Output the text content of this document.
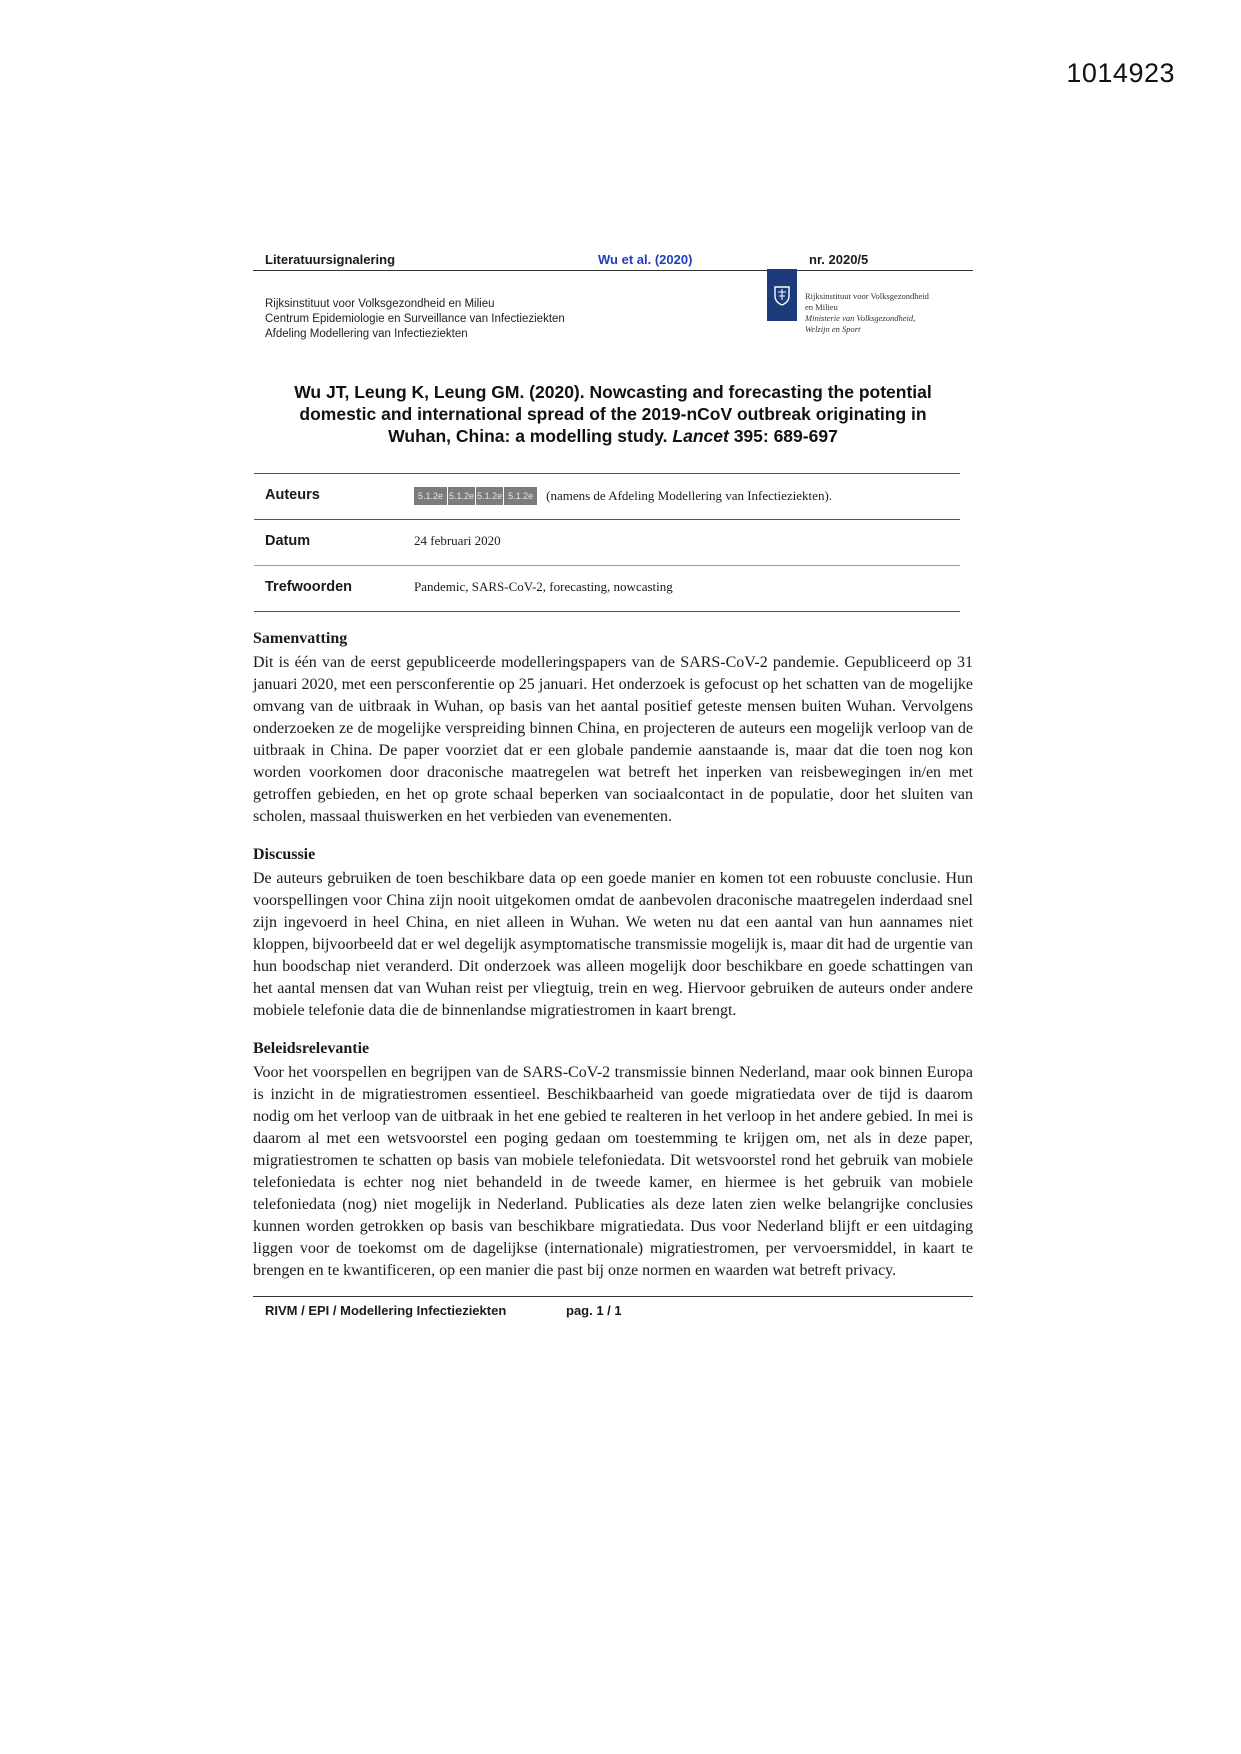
1014923
Literatuursignalering	Wu et al. (2020)	nr. 2020/5
Rijksinstituut voor Volksgezondheid en Milieu
Centrum Epidemiologie en Surveillance van Infectieziekten
Afdeling Modellering van Infectieziekten
Rijksinstituut voor Volksgezondheid
en Milieu
Ministerie van Volksgezondheid,
Welzijn en Sport
Wu JT, Leung K, Leung GM. (2020). Nowcasting and forecasting the potential domestic and international spread of the 2019-nCoV outbreak originating in Wuhan, China: a modelling study. Lancet 395: 689-697
Auteurs	5.1.2e 5.1.2e 5.1.2e 5.1.2e	(namens de Afdeling Modellering van Infectieziekten).
Datum	24 februari 2020
Trefwoorden	Pandemic, SARS-CoV-2, forecasting, nowcasting
Samenvatting
Dit is één van de eerst gepubliceerde modelleringspapers van de SARS-CoV-2 pandemie. Gepubliceerd op 31 januari 2020, met een persconferentie op 25 januari. Het onderzoek is gefocust op het schatten van de mogelijke omvang van de uitbraak in Wuhan, op basis van het aantal positief geteste mensen buiten Wuhan. Vervolgens onderzoeken ze de mogelijke verspreiding binnen China, en projecteren de auteurs een mogelijk verloop van de uitbraak in China. De paper voorziet dat er een globale pandemie aanstaande is, maar dat die toen nog kon worden voorkomen door draconische maatregelen wat betreft het inperken van reisbewegingen in/en met getroffen gebieden, en het op grote schaal beperken van sociaalcontact in de populatie, door het sluiten van scholen, massaal thuiswerken en het verbieden van evenementen.
Discussie
De auteurs gebruiken de toen beschikbare data op een goede manier en komen tot een robuuste conclusie. Hun voorspellingen voor China zijn nooit uitgekomen omdat de aanbevolen draconische maatregelen inderdaad snel zijn ingevoerd in heel China, en niet alleen in Wuhan. We weten nu dat een aantal van hun aannames niet kloppen, bijvoorbeeld dat er wel degelijk asymptomatische transmissie mogelijk is, maar dit had de urgentie van hun boodschap niet veranderd. Dit onderzoek was alleen mogelijk door beschikbare en goede schattingen van het aantal mensen dat van Wuhan reist per vliegtuig, trein en weg. Hiervoor gebruiken de auteurs onder andere mobiele telefonie data die de binnenlandse migratiestromen in kaart brengt.
Beleidsrelevantie
Voor het voorspellen en begrijpen van de SARS-CoV-2 transmissie binnen Nederland, maar ook binnen Europa is inzicht in de migratiestromen essentieel. Beschikbaarheid van goede migratiedata over de tijd is daarom nodig om het verloop van de uitbraak in het ene gebied te realteren in het verloop in het andere gebied. In mei is daarom al met een wetsvoorstel een poging gedaan om toestemming te krijgen om, net als in deze paper, migratiestromen te schatten op basis van mobiele telefoniedata. Dit wetsvoorstel rond het gebruik van mobiele telefoniedata is echter nog niet behandeld in de tweede kamer, en hiermee is het gebruik van mobiele telefoniedata (nog) niet mogelijk in Nederland. Publicaties als deze laten zien welke belangrijke conclusies kunnen worden getrokken op basis van beschikbare migratiedata. Dus voor Nederland blijft er een uitdaging liggen voor de toekomst om de dagelijkse (internationale) migratiestromen, per vervoersmiddel, in kaart te brengen en te kwantificeren, op een manier die past bij onze normen en waarden wat betreft privacy.
RIVM / EPI / Modellering Infectieziekten	pag. 1 / 1
